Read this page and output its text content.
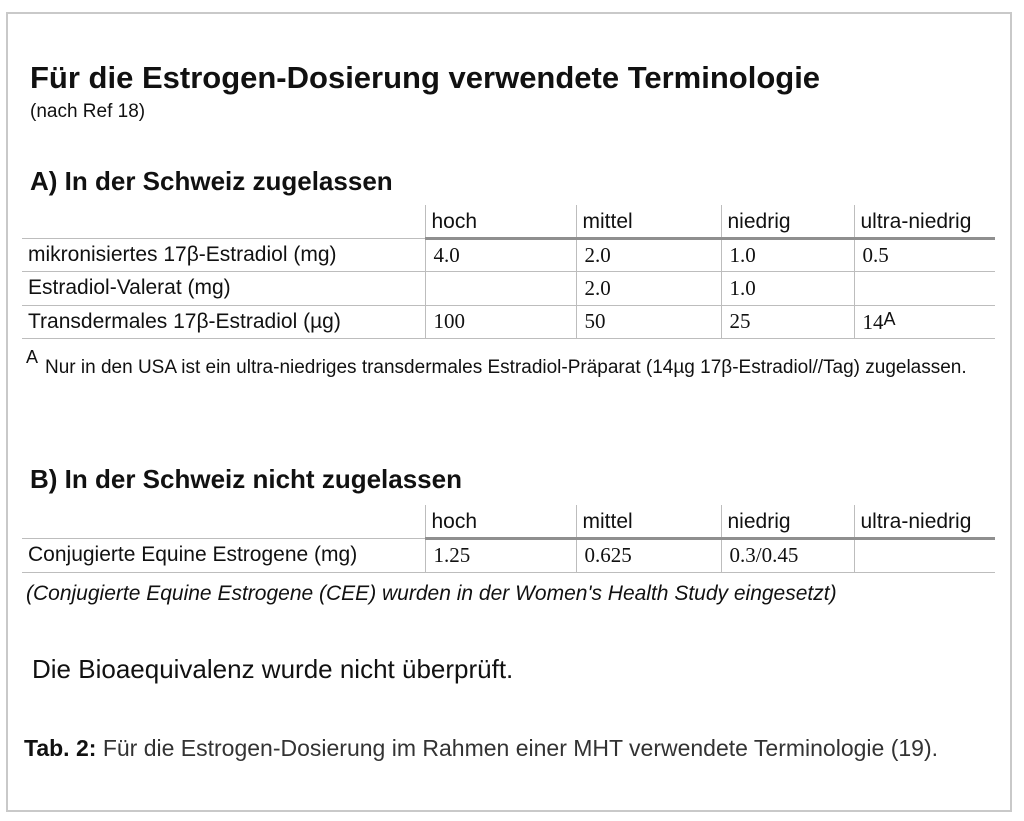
Für die Estrogen-Dosierung verwendete Terminologie
(nach Ref 18)
A) In der Schweiz zugelassen
	hoch	mittel	niedrig	ultra-niedrig
mikronisiertes 17β-Estradiol (mg)	4.0	2.0	1.0	0.5
Estradiol-Valerat (mg)		2.0	1.0	
Transdermales 17β-Estradiol (µg)	100	50	25	14A
A Nur in den USA ist ein ultra-niedriges transdermales Estradiol-Präparat (14µg 17β-Estradiol//Tag) zugelassen.
B) In der Schweiz nicht zugelassen
	hoch	mittel	niedrig	ultra-niedrig
Conjugierte Equine Estrogene (mg)	1.25	0.625	0.3/0.45	
(Conjugierte Equine Estrogene (CEE) wurden in der Women's Health Study eingesetzt)
Die Bioaequivalenz wurde nicht überprüft.
Tab. 2: Für die Estrogen-Dosierung im Rahmen einer MHT verwendete Terminologie (19).
